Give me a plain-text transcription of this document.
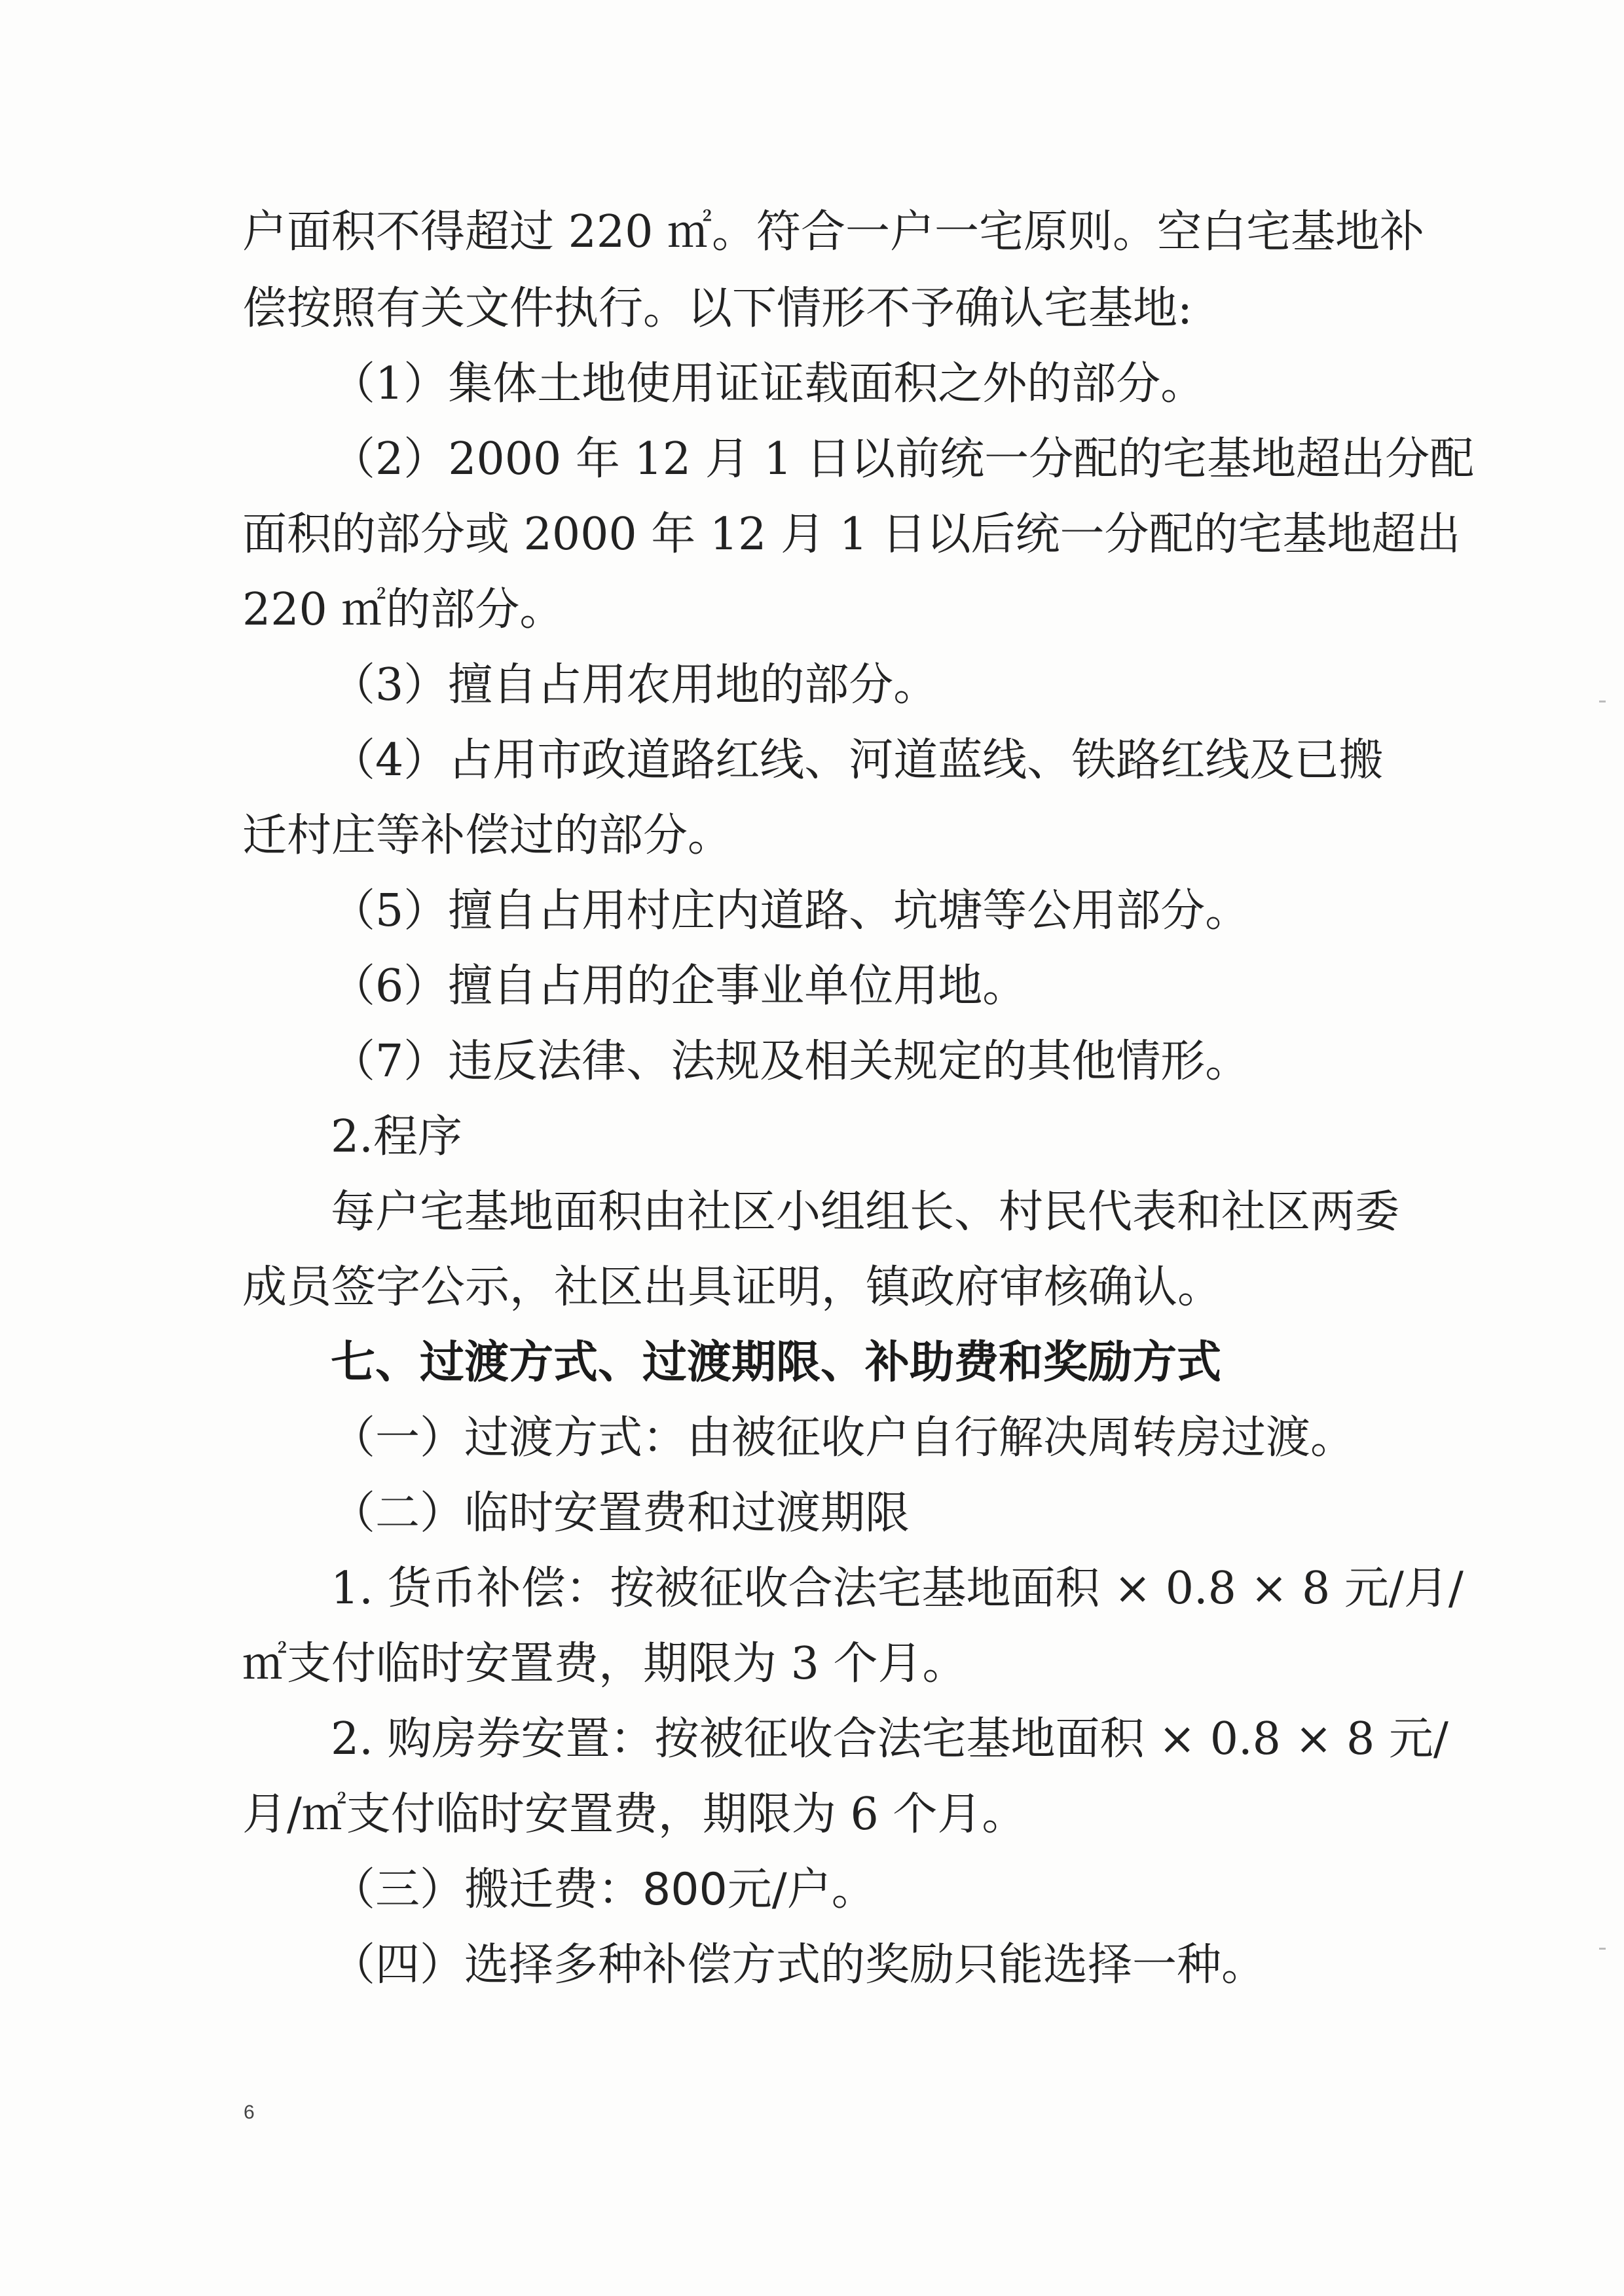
户面积不得超过 220 ㎡。符合一户一宅原则。空白宅基地补
偿按照有关文件执行。以下情形不予确认宅基地:
（1）集体土地使用证证载面积之外的部分。
（2）2000 年 12 月 1 日以前统一分配的宅基地超出分配
面积的部分或 2000 年 12 月 1 日以后统一分配的宅基地超出
220 ㎡的部分。
（3）擅自占用农用地的部分。
（4）占用市政道路红线、河道蓝线、铁路红线及已搬
迁村庄等补偿过的部分。
（5）擅自占用村庄内道路、坑塘等公用部分。
（6）擅自占用的企事业单位用地。
（7）违反法律、法规及相关规定的其他情形。
2.程序
每户宅基地面积由社区小组组长、村民代表和社区两委
成员签字公示，社区出具证明，镇政府审核确认。
七、过渡方式、过渡期限、补助费和奖励方式
（一）过渡方式：由被征收户自行解决周转房过渡。
（二）临时安置费和过渡期限
1. 货币补偿：按被征收合法宅基地面积 × 0.8 × 8 元/月/
㎡支付临时安置费，期限为 3 个月。
2. 购房券安置：按被征收合法宅基地面积 × 0.8 × 8 元/
月/㎡支付临时安置费，期限为 6 个月。
（三）搬迁费：800元/户。
（四）选择多种补偿方式的奖励只能选择一种。
6
